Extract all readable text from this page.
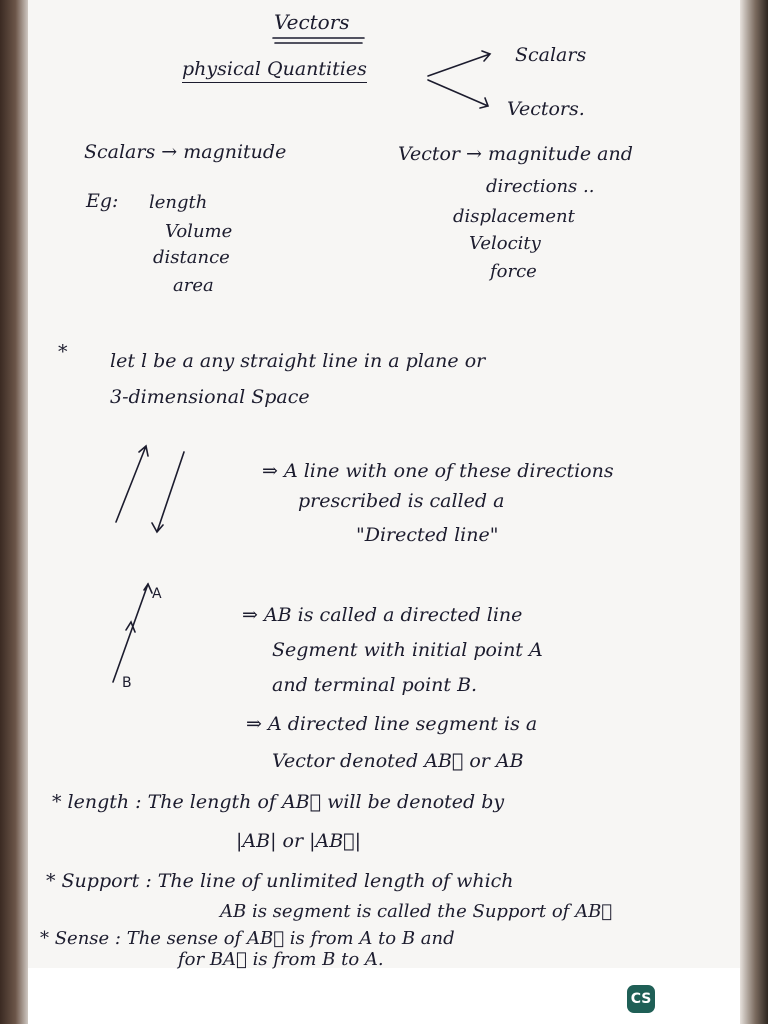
Vectors
physical Quantities
Scalars
Vectors.
Scalars → magnitude
Eg: length
Volume
distance
area
Vector → magnitude and
directions ..
displacement
Velocity
force
* let l be a any straight line in a plane or
3-dimensional Space
⇒ A line with one of these directions
prescribed is called a
"Directed line"
A
B
⇒ AB is called a directed line
Segment with initial point A
and terminal point B.
⇒ A directed line segment is a
Vector denoted AB⃗ or AB
* length : The length of AB⃗ will be denoted by
|AB| or |AB⃗|
* Support : The line of unlimited length of which
AB is segment is called the Support of AB⃗
* Sense : The sense of AB⃗ is from A to B and
for BA⃗ is from B to A.
CS
